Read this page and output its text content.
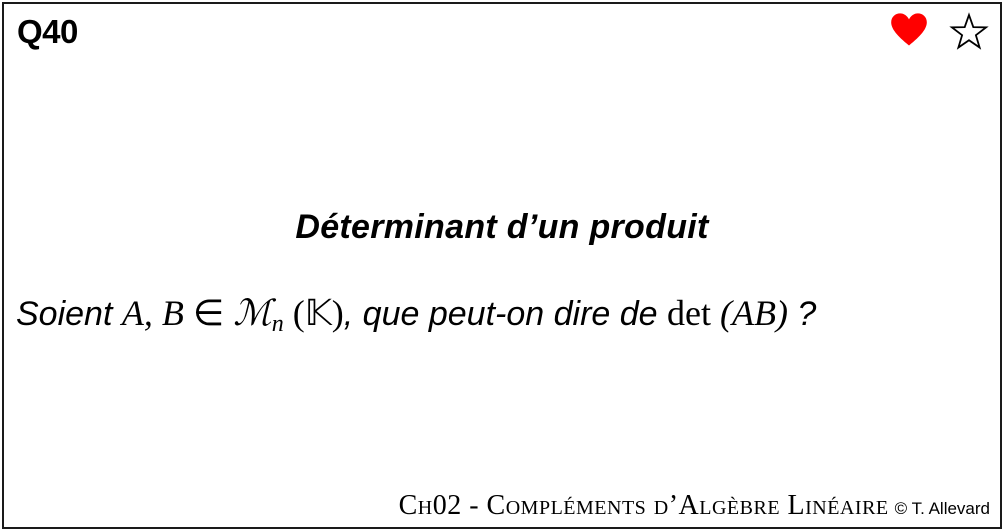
Q40
Déterminant d’un produit
Soient A, B ∈ ℳ$_n$ (𝕂), que peut-on dire de det (AB) ?
Ch02 - Compléments d’Algèbre Linéaire © T. Allevard
